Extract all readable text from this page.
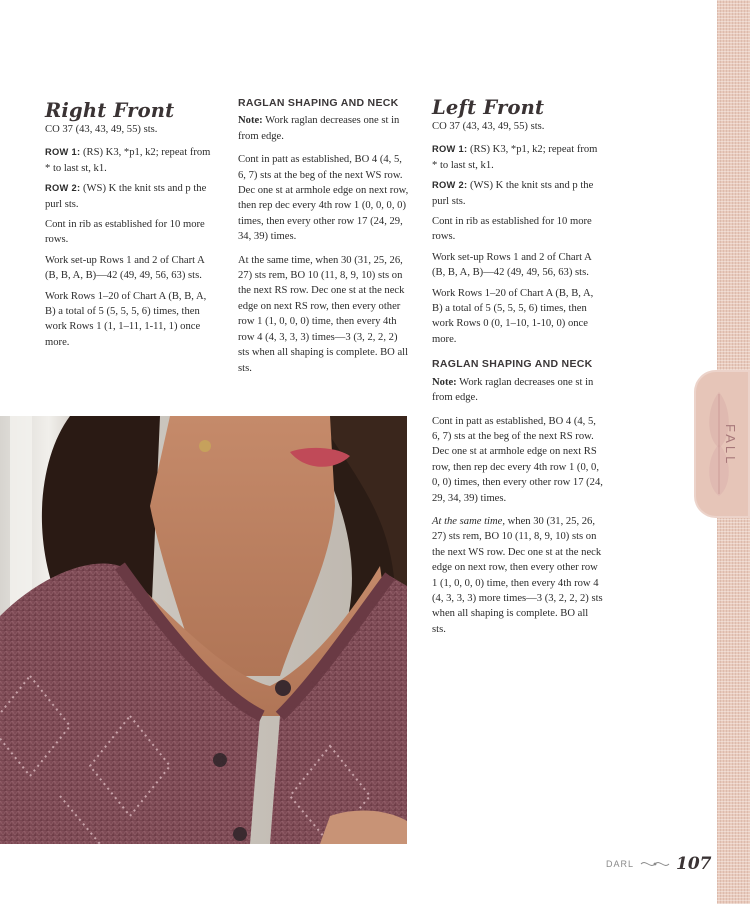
FALL
Right Front

CO 37 (43, 43, 49, 55) sts.

ROW 1: (RS) K3, *p1, k2; repeat from * to last st, k1.

ROW 2: (WS) K the knit sts and p the purl sts.

Cont in rib as established for 10 more rows.

Work set-up Rows 1 and 2 of Chart A (B, B, A, B)—42 (49, 49, 56, 63) sts.

Work Rows 1–20 of Chart A (B, B, A, B) a total of 5 (5, 5, 5, 6) times, then work Rows 1 (1, 1–11, 1-11, 1) once more.

RAGLAN SHAPING AND NECK

Note: Work raglan decreases one st in from edge.

Cont in patt as established, BO 4 (4, 5, 6, 7) sts at the beg of the next WS row. Dec one st at armhole edge on next row, then rep dec every 4th row 1 (0, 0, 0, 0) times, then every other row 17 (24, 29, 34, 39) times.

At the same time, when 30 (31, 25, 26, 27) sts rem, BO 10 (11, 8, 9, 10) sts on the next RS row. Dec one st at the neck edge on next RS row, then every other row 1 (1, 0, 0, 0) time, then every 4th row 4 (4, 3, 3, 3) times—3 (3, 2, 2, 2) sts when all shaping is complete. BO all sts.

Left Front

CO 37 (43, 43, 49, 55) sts.

ROW 1: (RS) K3, *p1, k2; repeat from * to last st, k1.

ROW 2: (WS) K the knit sts and p the purl sts.

Cont in rib as established for 10 more rows.

Work set-up Rows 1 and 2 of Chart A (B, B, A, B)—42 (49, 49, 56, 63) sts.

Work Rows 1–20 of Chart A (B, B, A, B) a total of 5 (5, 5, 5, 6) times, then work Rows 0 (0, 1–10, 1-10, 0) once more.

RAGLAN SHAPING AND NECK

Note: Work raglan decreases one st in from edge.

Cont in patt as established, BO 4 (4, 5, 6, 7) sts at the beg of the next RS row. Dec one st at armhole edge on next RS row, then rep dec every 4th row 1 (0, 0, 0, 0) times, then every other row 17 (24, 29, 34, 39) times.

At the same time, when 30 (31, 25, 26, 27) sts rem, BO 10 (11, 8, 9, 10) sts on the next WS row. Dec one st at the neck edge on next row, then every other row 1 (1, 0, 0, 0) time, then every 4th row 4 (4, 3, 3, 3) more times—3 (3, 2, 2, 2) sts when all shaping is complete. BO all sts.

DARL 107
